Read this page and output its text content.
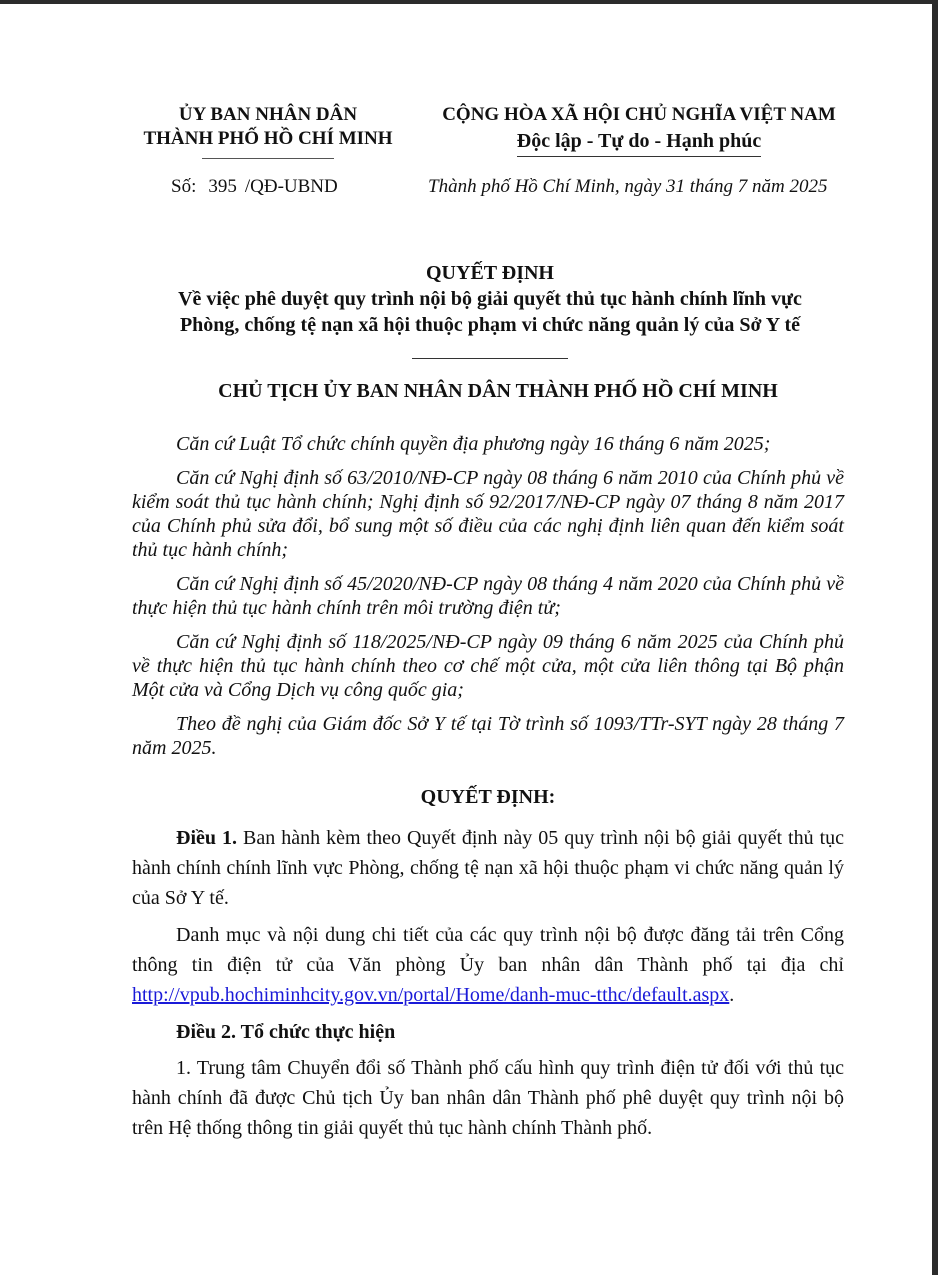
ỦY BAN NHÂN DÂN
THÀNH PHỐ HỒ CHÍ MINH
CỘNG HÒA XÃ HỘI CHỦ NGHĨA VIỆT NAM
Độc lập - Tự do - Hạnh phúc
Số: 395 /QĐ-UBND	Thành phố Hồ Chí Minh, ngày 31 tháng 7 năm 2025
QUYẾT ĐỊNH
Về việc phê duyệt quy trình nội bộ giải quyết thủ tục hành chính lĩnh vực
Phòng, chống tệ nạn xã hội thuộc phạm vi chức năng quản lý của Sở Y tế
CHỦ TỊCH ỦY BAN NHÂN DÂN THÀNH PHỐ HỒ CHÍ MINH

Căn cứ Luật Tổ chức chính quyền địa phương ngày 16 tháng 6 năm 2025;

Căn cứ Nghị định số 63/2010/NĐ-CP ngày 08 tháng 6 năm 2010 của Chính phủ về kiểm soát thủ tục hành chính; Nghị định số 92/2017/NĐ-CP ngày 07 tháng 8 năm 2017 của Chính phủ sửa đổi, bổ sung một số điều của các nghị định liên quan đến kiểm soát thủ tục hành chính;

Căn cứ Nghị định số 45/2020/NĐ-CP ngày 08 tháng 4 năm 2020 của Chính phủ về thực hiện thủ tục hành chính trên môi trường điện tử;

Căn cứ Nghị định số 118/2025/NĐ-CP ngày 09 tháng 6 năm 2025 của Chính phủ về thực hiện thủ tục hành chính theo cơ chế một cửa, một cửa liên thông tại Bộ phận Một cửa và Cổng Dịch vụ công quốc gia;

Theo đề nghị của Giám đốc Sở Y tế tại Tờ trình số 1093/TTr-SYT ngày 28 tháng 7 năm 2025.

QUYẾT ĐỊNH:

Điều 1. Ban hành kèm theo Quyết định này 05 quy trình nội bộ giải quyết thủ tục hành chính chính lĩnh vực Phòng, chống tệ nạn xã hội thuộc phạm vi chức năng quản lý của Sở Y tế.

Danh mục và nội dung chi tiết của các quy trình nội bộ được đăng tải trên Cổng thông tin điện tử của Văn phòng Ủy ban nhân dân Thành phố tại địa chỉ http://vpub.hochiminhcity.gov.vn/portal/Home/danh-muc-tthc/default.aspx.

Điều 2. Tổ chức thực hiện

1. Trung tâm Chuyển đổi số Thành phố cấu hình quy trình điện tử đối với thủ tục hành chính đã được Chủ tịch Ủy ban nhân dân Thành phố phê duyệt quy trình nội bộ trên Hệ thống thông tin giải quyết thủ tục hành chính Thành phố.
